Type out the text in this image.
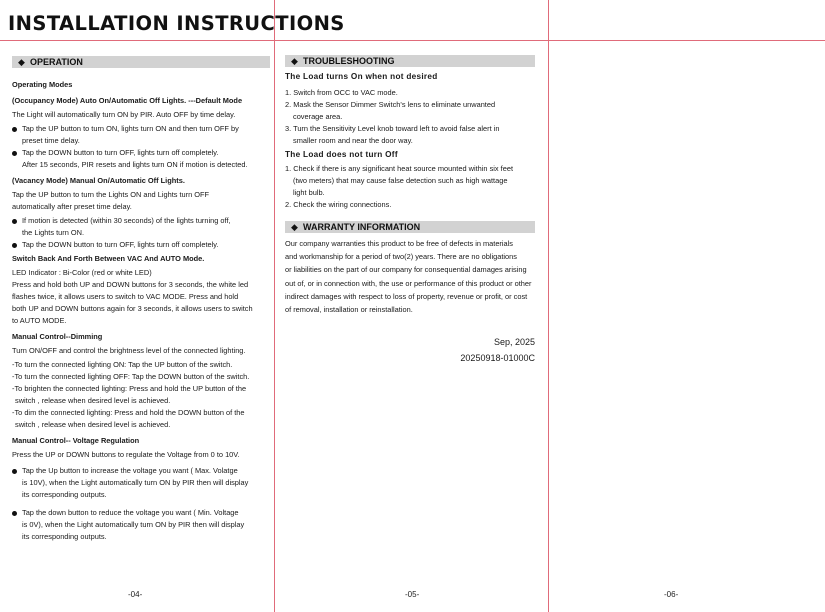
INSTALLATION INSTRUCTIONS
◆ OPERATION

Operating Modes

(Occupancy Mode) Auto On/Automatic Off Lights. ---Default Mode

The Light will automatically turn ON by PIR. Auto OFF by time delay.

Tap the UP button to turn ON, lights turn ON and then turn OFF by

preset time delay.

Tap the DOWN button to turn OFF, lights turn off completely.

After 15 seconds, PIR resets and lights turn ON if motion is detected.

(Vacancy Mode) Manual On/Automatic Off Lights.

Tap the UP button to turn the Lights ON and Lights turn OFF

automatically after preset time delay.

If motion is detected (within 30 seconds) of the lights turning off,

the Lights turn ON.

Tap the DOWN button to turn OFF, lights turn off completely.

Switch Back And Forth Between VAC And AUTO Mode.

LED Indicator : Bi-Color (red or white LED)

Press and hold both UP and DOWN buttons for 3 seconds, the white led

flashes twice, it allows users to switch to VAC MODE. Press and hold

both UP and DOWN buttons again for 3 seconds, it allows users to switch

to AUTO MODE.

Manual Control--Dimming

Turn ON/OFF and control the brightness level of the connected lighting.

-To turn the connected lighting ON: Tap the UP button of the switch.

-To turn the connected lighting OFF: Tap the DOWN button of the switch.

-To brighten the connected lighting: Press and hold the UP button of the

switch , release when desired level is achieved.

-To dim the connected lighting: Press and hold the DOWN button of the

switch , release when desired level is achieved.

Manual Control-- Voltage Regulation

Press the UP or DOWN buttons to regulate the Voltage from 0 to 10V.

Tap the Up button to increase the voltage you want ( Max. Volatge

is 10V), when the Light automatically turn ON by PIR then will display

its corresponding outputs.

Tap the down button to reduce the voltage you want ( Min. Voltage

is 0V), when the Light automatically turn ON by PIR then will display

its corresponding outputs.

◆ TROUBLESHOOTING

The Load turns On when not desired

1. Switch from OCC to VAC mode.

2. Mask the Sensor Dimmer Switch's lens to eliminate unwanted

coverage area.

3. Turn the Sensitivity Level knob toward left to avoid false alert in

smaller room and near the door way.

The Load does not turn Off

1. Check if there is any significant heat source mounted within six feet

(two meters) that may cause false detection such as high wattage

light bulb.

2. Check the wiring connections.

◆ WARRANTY INFORMATION

Our company warranties this product to be free of defects in materials

and workmanship for a period of two(2) years. There are no obligations

or liabilities on the part of our company for consequential damages arising

out of, or in connection with, the use or performance of this product or other

indirect damages with respect to loss of property, revenue or profit, or cost

of removal, installation or reinstallation.

Sep, 2025

20250918-01000C

-04-	-05-	-06-
